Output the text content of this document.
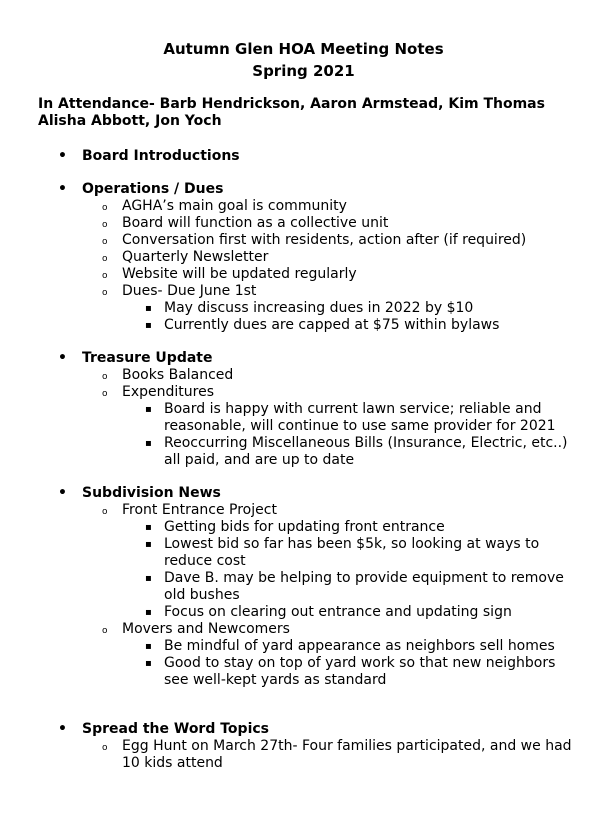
Autumn Glen HOA Meeting Notes
Spring 2021
In Attendance- Barb Hendrickson, Aaron Armstead, Kim Thomas
Alisha Abbott, Jon Yoch
• Board Introductions
• Operations / Dues
o AGHA’s main goal is community
o Board will function as a collective unit
o Conversation first with residents, action after (if required)
o Quarterly Newsletter
o Website will be updated regularly
o Dues- Due June 1st
▪ May discuss increasing dues in 2022 by $10
▪ Currently dues are capped at $75 within bylaws
• Treasure Update
o Books Balanced
o Expenditures
▪ Board is happy with current lawn service; reliable and reasonable, will continue to use same provider for 2021
▪ Reoccurring Miscellaneous Bills (Insurance, Electric, etc..) all paid, and are up to date
• Subdivision News
o Front Entrance Project
▪ Getting bids for updating front entrance
▪ Lowest bid so far has been $5k, so looking at ways to reduce cost
▪ Dave B. may be helping to provide equipment to remove old bushes
▪ Focus on clearing out entrance and updating sign
o Movers and Newcomers
▪ Be mindful of yard appearance as neighbors sell homes
▪ Good to stay on top of yard work so that new neighbors see well-kept yards as standard
• Spread the Word Topics
o Egg Hunt on March 27th- Four families participated, and we had 10 kids attend
